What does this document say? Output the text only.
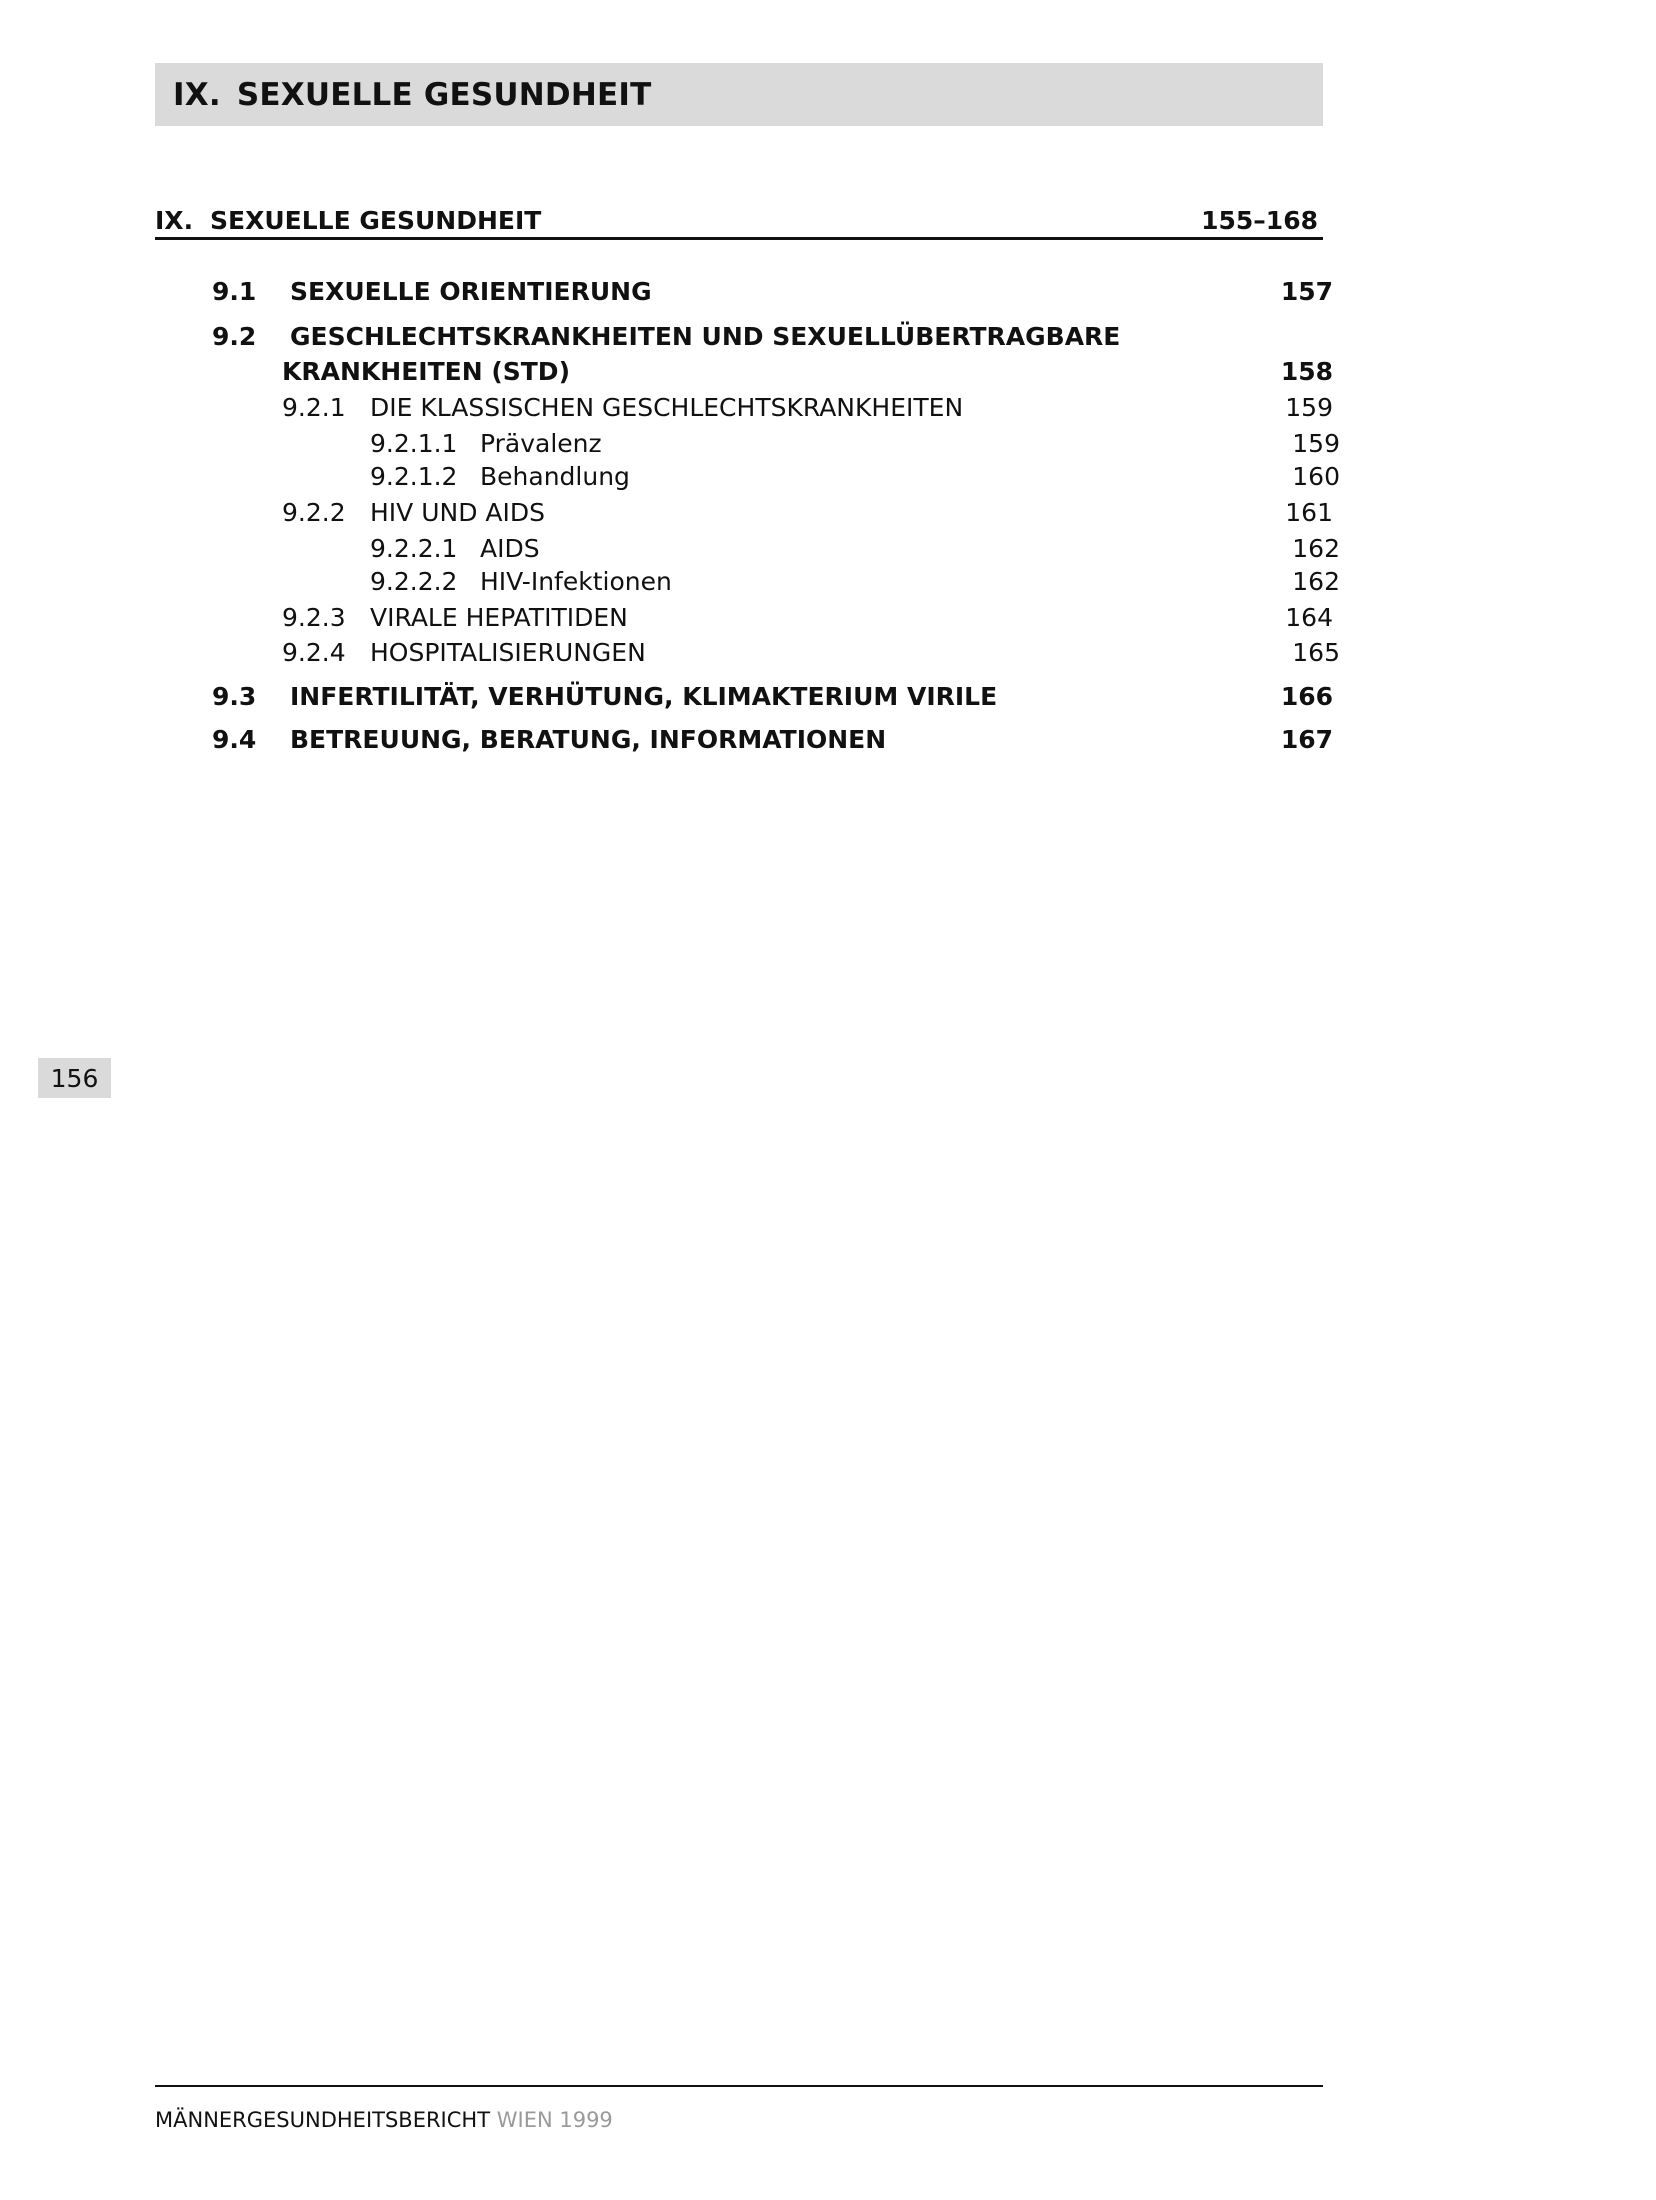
IX. SEXUELLE GESUNDHEIT
IX. SEXUELLE GESUNDHEIT	155–168
9.1 SEXUELLE ORIENTIERUNG	157
9.2 GESCHLECHTSKRANKHEITEN UND SEXUELLÜBERTRAGBARE
KRANKHEITEN (STD)	158
9.2.1 DIE KLASSISCHEN GESCHLECHTSKRANKHEITEN	159
9.2.1.1 Prävalenz	159
9.2.1.2 Behandlung	160
9.2.2 HIV UND AIDS	161
9.2.2.1 AIDS	162
9.2.2.2 HIV-Infektionen	162
9.2.3 VIRALE HEPATITIDEN	164
9.2.4 HOSPITALISIERUNGEN	165
9.3 INFERTILITÄT, VERHÜTUNG, KLIMAKTERIUM VIRILE	166
9.4 BETREUUNG, BERATUNG, INFORMATIONEN	167
156
MÄNNERGESUNDHEITSBERICHT WIEN 1999
